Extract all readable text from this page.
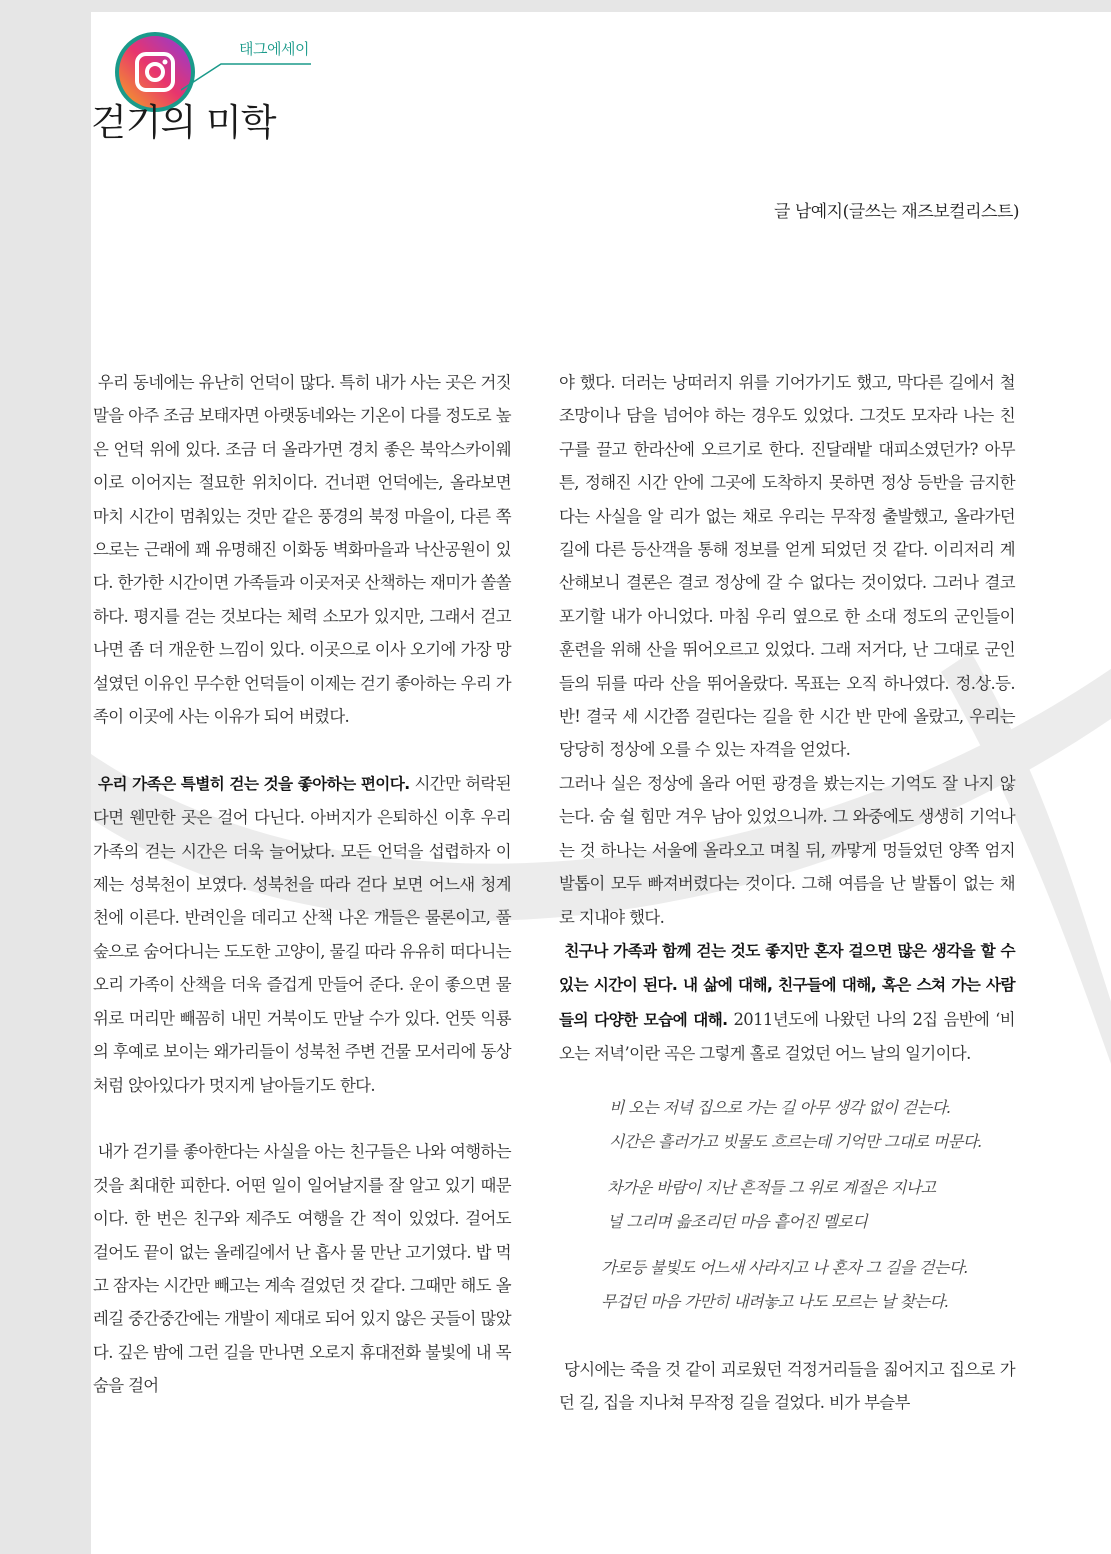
태그에세이
걷기의 미학
글 남예지(글쓰는 재즈보컬리스트)

우리 동네에는 유난히 언덕이 많다. 특히 내가 사는 곳은 거짓말을 아주 조금 보태자면 아랫동네와는 기온이 다를 정도로 높은 언덕 위에 있다. 조금 더 올라가면 경치 좋은 북악스카이웨이로 이어지는 절묘한 위치이다. 건너편 언덕에는, 올라보면 마치 시간이 멈춰있는 것만 같은 풍경의 북정 마을이, 다른 쪽으로는 근래에 꽤 유명해진 이화동 벽화마을과 낙산공원이 있다. 한가한 시간이면 가족들과 이곳저곳 산책하는 재미가 쏠쏠하다. 평지를 걷는 것보다는 체력 소모가 있지만, 그래서 걷고 나면 좀 더 개운한 느낌이 있다. 이곳으로 이사 오기에 가장 망설였던 이유인 무수한 언덕들이 이제는 걷기 좋아하는 우리 가족이 이곳에 사는 이유가 되어 버렸다.

우리 가족은 특별히 걷는 것을 좋아하는 편이다. 시간만 허락된다면 웬만한 곳은 걸어 다닌다. 아버지가 은퇴하신 이후 우리 가족의 걷는 시간은 더욱 늘어났다. 모든 언덕을 섭렵하자 이제는 성북천이 보였다. 성북천을 따라 걷다 보면 어느새 청계천에 이른다. 반려인을 데리고 산책 나온 개들은 물론이고, 풀숲으로 숨어다니는 도도한 고양이, 물길 따라 유유히 떠다니는 오리 가족이 산책을 더욱 즐겁게 만들어 준다. 운이 좋으면 물 위로 머리만 빼꼼히 내민 거북이도 만날 수가 있다. 언뜻 익룡의 후예로 보이는 왜가리들이 성북천 주변 건물 모서리에 동상처럼 앉아있다가 멋지게 날아들기도 한다.

내가 걷기를 좋아한다는 사실을 아는 친구들은 나와 여행하는 것을 최대한 피한다. 어떤 일이 일어날지를 잘 알고 있기 때문이다. 한 번은 친구와 제주도 여행을 간 적이 있었다. 걸어도 걸어도 끝이 없는 올레길에서 난 흡사 물 만난 고기였다. 밥 먹고 잠자는 시간만 빼고는 계속 걸었던 것 같다. 그때만 해도 올레길 중간중간에는 개발이 제대로 되어 있지 않은 곳들이 많았다. 깊은 밤에 그런 길을 만나면 오로지 휴대전화 불빛에 내 목숨을 걸어

야 했다. 더러는 낭떠러지 위를 기어가기도 했고, 막다른 길에서 철조망이나 담을 넘어야 하는 경우도 있었다. 그것도 모자라 나는 친구를 끌고 한라산에 오르기로 한다. 진달래밭 대피소였던가? 아무튼, 정해진 시간 안에 그곳에 도착하지 못하면 정상 등반을 금지한다는 사실을 알 리가 없는 채로 우리는 무작정 출발했고, 올라가던 길에 다른 등산객을 통해 정보를 얻게 되었던 것 같다. 이리저리 계산해보니 결론은 결코 정상에 갈 수 없다는 것이었다. 그러나 결코 포기할 내가 아니었다. 마침 우리 옆으로 한 소대 정도의 군인들이 훈련을 위해 산을 뛰어오르고 있었다. 그래 저거다, 난 그대로 군인들의 뒤를 따라 산을 뛰어올랐다. 목표는 오직 하나였다. 정.상.등.반! 결국 세 시간쯤 걸린다는 길을 한 시간 반 만에 올랐고, 우리는 당당히 정상에 오를 수 있는 자격을 얻었다.

그러나 실은 정상에 올라 어떤 광경을 봤는지는 기억도 잘 나지 않는다. 숨 쉴 힘만 겨우 남아 있었으니까. 그 와중에도 생생히 기억나는 것 하나는 서울에 올라오고 며칠 뒤, 까맣게 멍들었던 양쪽 엄지발톱이 모두 빠져버렸다는 것이다. 그해 여름을 난 발톱이 없는 채로 지내야 했다.

친구나 가족과 함께 걷는 것도 좋지만 혼자 걸으면 많은 생각을 할 수 있는 시간이 된다. 내 삶에 대해, 친구들에 대해, 혹은 스쳐 가는 사람들의 다양한 모습에 대해. 2011년도에 나왔던 나의 2집 음반에 ‘비 오는 저녁’이란 곡은 그렇게 홀로 걸었던 어느 날의 일기이다.

비 오는 저녁 집으로 가는 길 아무 생각 없이 걷는다.
시간은 흘러가고 빗물도 흐르는데 기억만 그대로 머문다.
차가운 바람이 지난 흔적들 그 위로 계절은 지나고
널 그리며 읊조리던 마음 흩어진 멜로디
가로등 불빛도 어느새 사라지고 나 혼자 그 길을 걷는다.
무겁던 마음 가만히 내려놓고 나도 모르는 날 찾는다.

당시에는 죽을 것 같이 괴로웠던 걱정거리들을 짊어지고 집으로 가던 길, 집을 지나쳐 무작정 길을 걸었다. 비가 부슬부
